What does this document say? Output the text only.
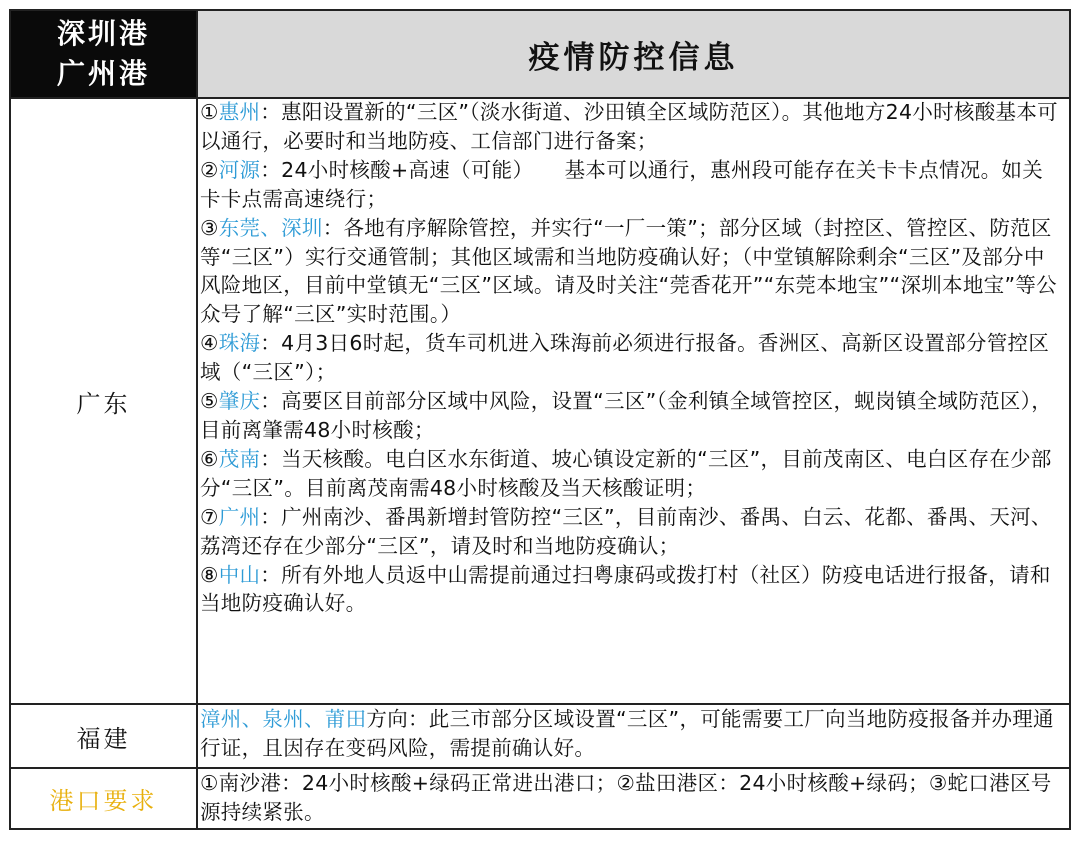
深圳港
广州港	疫情防控信息
广东

①惠州：惠阳设置新的“三区”（淡水街道、沙田镇全区域防范区）。其他地方24小时核酸基本可以通行，必要时和当地防疫、工信部门进行备案；

②河源：24小时核酸+高速（可能）　　基本可以通行，惠州段可能存在关卡卡点情况。如关卡卡点需高速绕行；

③东莞、深圳：各地有序解除管控，并实行“一厂一策”；部分区域（封控区、管控区、防范区等“三区”）实行交通管制；其他区域需和当地防疫确认好；（中堂镇解除剩余“三区”及部分中风险地区，目前中堂镇无“三区”区域。请及时关注“莞香花开”“东莞本地宝”“深圳本地宝”等公众号了解“三区”实时范围。）

④珠海：4月3日6时起，货车司机进入珠海前必须进行报备。香洲区、高新区设置部分管控区域（“三区”）；

⑤肇庆：高要区目前部分区域中风险，设置“三区”（金利镇全域管控区，蚬岗镇全域防范区），目前离肇需48小时核酸；

⑥茂南：当天核酸。电白区水东街道、坡心镇设定新的“三区”，目前茂南区、电白区存在少部分“三区”。目前离茂南需48小时核酸及当天核酸证明；

⑦广州：广州南沙、番禺新增封管防控“三区”，目前南沙、番禺、白云、花都、番禺、天河、荔湾还存在少部分“三区”，请及时和当地防疫确认；

⑧中山：所有外地人员返中山需提前通过扫粤康码或拨打村（社区）防疫电话进行报备，请和当地防疫确认好。

福建

漳州、泉州、莆田方向：此三市部分区域设置“三区”，可能需要工厂向当地防疫报备并办理通行证，且因存在变码风险，需提前确认好。

港口要求

①南沙港：24小时核酸+绿码正常进出港口；②盐田港区：24小时核酸+绿码；③蛇口港区号源持续紧张。
